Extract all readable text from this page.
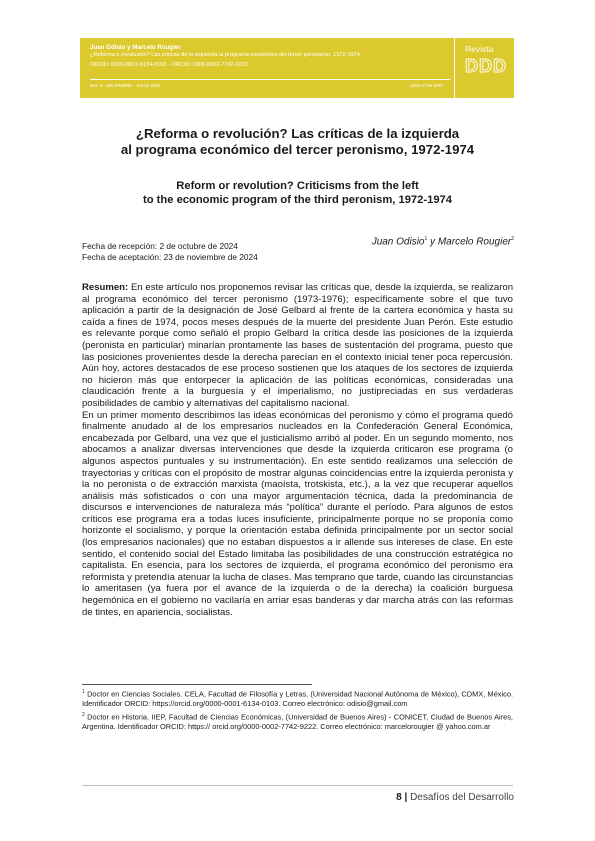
Juan Odisio y Marcelo Rougier
¿Reforma o revolución? Las críticas de la izquierda al programa económico del tercer peronismo, 1972-1974
ORCID: 0000-0001-6134-0103 - ORCID: 0000-0002-7742-9222
Nro. 6 · DICIEMBRE · JULIO 2024	ISSN 2796-8987
Revista
DDD
¿Reforma o revolución? Las críticas de la izquierda
al programa económico del tercer peronismo, 1972-1974
Reform or revolution? Criticisms from the left
to the economic program of the third peronism, 1972-1974
Fecha de recepción: 2 de octubre de 2024
Fecha de aceptación: 23 de noviembre de 2024
Juan Odisio$^1$ y Marcelo Rougier$^2$

Resumen: En este artículo nos proponemos revisar las críticas que, desde la izquierda, se realizaron al programa económico del tercer peronismo (1973-1976); específicamente sobre el que tuvo aplicación a partir de la designación de José Gelbard al frente de la cartera económica y hasta su caída a fines de 1974, pocos meses después de la muerte del presidente Juan Perón. Este estudio es relevante porque como señaló el propio Gelbard la crítica desde las posiciones de la izquierda (peronista en particular) minarían prontamente las bases de sustentación del programa, puesto que las posiciones provenientes desde la derecha parecían en el contexto inicial tener poca repercusión. Aún hoy, actores destacados de ese proceso sostienen que los ataques de los sectores de izquierda no hicieron más que entorpecer la aplicación de las políticas económicas, consideradas una claudicación frente a la burguesía y el imperialismo, no justipreciadas en sus verdaderas posibilidades de cambio y alternativas del capitalismo nacional.

En un primer momento describimos las ideas económicas del peronismo y cómo el programa quedó finalmente anudado al de los empresarios nucleados en la Confederación General Económica, encabezada por Gelbard, una vez que el justicialismo arribó al poder. En un segundo momento, nos abocamos a analizar diversas intervenciones que desde la izquierda criticaron ese programa (o algunos aspectos puntuales y su instrumentación). En este sentido realizamos una selección de trayectorias y críticas con el propósito de mostrar algunas coincidencias entre la izquierda peronista y la no peronista o de extracción marxista (maoísta, trotskista, etc.), a la vez que recuperar aquellos análisis más sofisticados o con una mayor argumentación técnica, dada la predominancia de discursos e intervenciones de naturaleza más “política” durante el período. Para algunos de estos críticos ese programa era a todas luces insuficiente, principalmente porque no se proponía como horizonte el socialismo, y porque la orientación estaba definida principalmente por un sector social (los empresarios nacionales) que no estaban dispuestos a ir allende sus intereses de clase. En este sentido, el contenido social del Estado limitaba las posibilidades de una construcción estratégica no capitalista. En esencia, para los sectores de izquierda, el programa económico del peronismo era reformista y pretendía atenuar la lucha de clases. Mas temprano que tarde, cuando las circunstancias lo ameritasen (ya fuera por el avance de la izquierda o de la derecha) la coalición burguesa hegemónica en el gobierno no vacilaría en arriar esas banderas y dar marcha atrás con las reformas de tintes, en apariencia, socialistas.

$^1$ Doctor en Ciencias Sociales. CELA, Facultad de Filosofía y Letras, (Universidad Nacional Autónoma de México), CDMX, México. Identificador ORCID: https://orcid.org/0000-0001-6134-0103. Correo electrónico: odisio@gmail.com

$^2$ Doctor en Historia. IIEP, Facultad de Ciencias Económicas, (Universidad de Buenos Aires) - CONICET, Ciudad de Buenos Aires, Argentina. Identificador ORCID: https:// orcid.org/0000-0002-7742-9222. Correo electrónico: marcelorougier @ yahoo.com.ar

8 | Desafíos del Desarrollo
